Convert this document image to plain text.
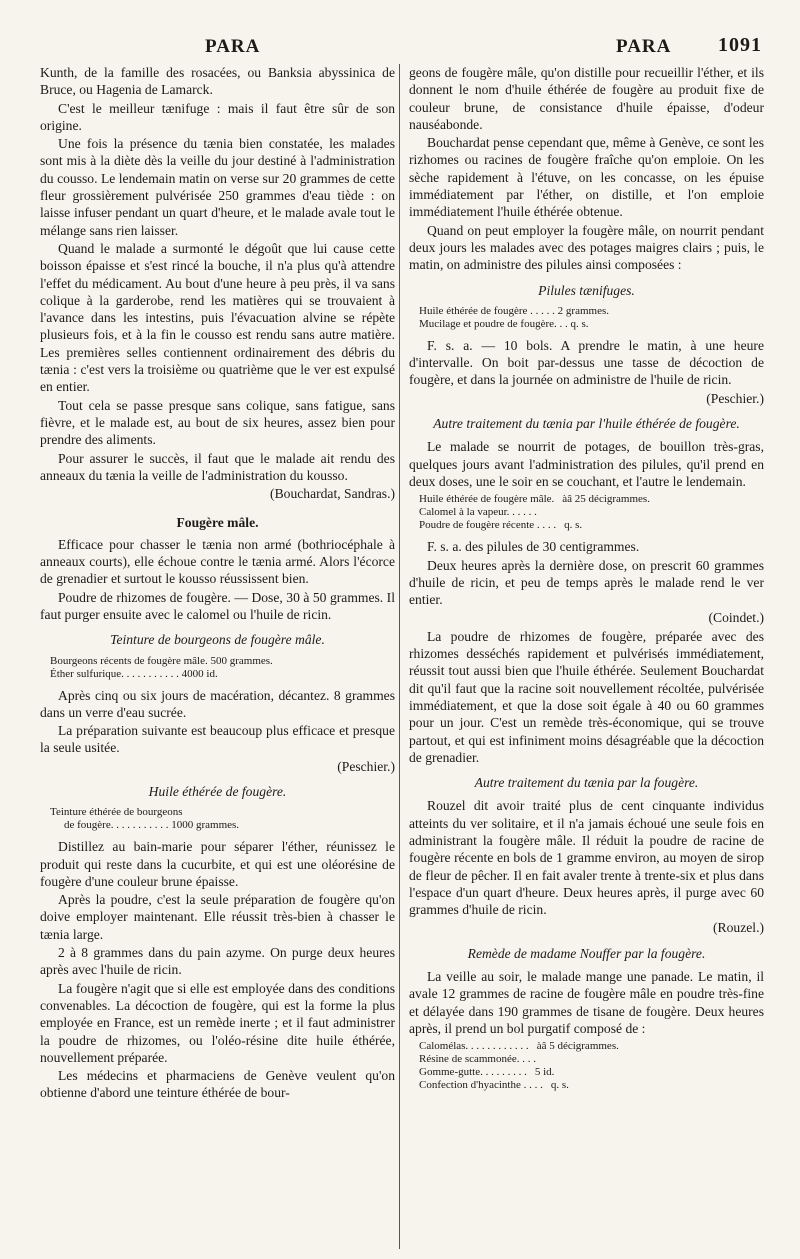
PARA	PARA 1091

Kunth, de la famille des rosacées, ou Banksia abyssinica de Bruce, ou Hagenia de Lamarck.

C'est le meilleur tænifuge : mais il faut être sûr de son origine.

Une fois la présence du tænia bien constatée, les malades sont mis à la diète dès la veille du jour destiné à l'administration du cousso. Le lendemain matin on verse sur 20 grammes de cette fleur grossièrement pulvérisée 250 grammes d'eau tiède : on laisse infuser pendant un quart d'heure, et le malade avale tout le mélange sans rien laisser.

Quand le malade a surmonté le dégoût que lui cause cette boisson épaisse et s'est rincé la bouche, il n'a plus qu'à attendre l'effet du médicament. Au bout d'une heure à peu près, il va sans colique à la garderobe, rend les matières qui se trouvaient à l'avance dans les intestins, puis l'évacuation alvine se répète plusieurs fois, et à la fin le cousso est rendu sans autre matière. Les premières selles contiennent ordinairement des débris du tænia : c'est vers la troisième ou quatrième que le ver est expulsé en entier.

Tout cela se passe presque sans colique, sans fatigue, sans fièvre, et le malade est, au bout de six heures, assez bien pour prendre des aliments.

Pour assurer le succès, il faut que le malade ait rendu des anneaux du tænia la veille de l'administration du kousso.

(Bouchardat, Sandras.)

Fougère mâle.

Efficace pour chasser le tænia non armé (bothriocéphale à anneaux courts), elle échoue contre le tænia armé. Alors l'écorce de grenadier et surtout le kousso réussissent bien.

Poudre de rhizomes de fougère. — Dose, 30 à 50 grammes. Il faut purger ensuite avec le calomel ou l'huile de ricin.

Teinture de bourgeons de fougère mâle.
Bourgeons récents de fougère mâle. 500 grammes.
Éther sulfurique. . . . . . . . . . . 4000 id.

Après cinq ou six jours de macération, décantez. 8 grammes dans un verre d'eau sucrée.

La préparation suivante est beaucoup plus efficace et presque la seule usitée.

(Peschier.)

Huile éthérée de fougère.
Teinture éthérée de bourgeons
de fougère. . . . . . . . . . . 1000 grammes.

Distillez au bain-marie pour séparer l'éther, réunissez le produit qui reste dans la cucurbite, et qui est une oléorésine de fougère d'une couleur brune épaisse.

Après la poudre, c'est la seule préparation de fougère qu'on doive employer maintenant. Elle réussit très-bien à chasser le tænia large.

2 à 8 grammes dans du pain azyme. On purge deux heures après avec l'huile de ricin.

La fougère n'agit que si elle est employée dans des conditions convenables. La décoction de fougère, qui est la forme la plus employée en France, est un remède inerte ; et il faut administrer la poudre de rhizomes, ou l'oléo-résine dite huile éthérée, nouvellement préparée.

Les médecins et pharmaciens de Genève veulent qu'on obtienne d'abord une teinture éthérée de bour-

geons de fougère mâle, qu'on distille pour recueillir l'éther, et ils donnent le nom d'huile éthérée de fougère au produit fixe de couleur brune, de consistance d'huile épaisse, d'odeur nauséabonde.

Bouchardat pense cependant que, même à Genève, ce sont les rizhomes ou racines de fougère fraîche qu'on emploie. On les sèche rapidement à l'étuve, on les concasse, on les épuise immédiatement par l'éther, on distille, et l'on emploie immédiatement l'huile éthérée obtenue.

Quand on peut employer la fougère mâle, on nourrit pendant deux jours les malades avec des potages maigres clairs ; puis, le matin, on administre des pilules ainsi composées :

Pilules tænifuges.
Huile éthérée de fougère . . . . . 2 grammes.
Mucilage et poudre de fougère. . . q. s.

F. s. a. — 10 bols. A prendre le matin, à une heure d'intervalle. On boit par-dessus une tasse de décoction de fougère, et dans la journée on administre de l'huile de ricin.

(Peschier.)

Autre traitement du tænia par l'huile éthérée de fougère.

Le malade se nourrit de potages, de bouillon très-gras, quelques jours avant l'administration des pilules, qu'il prend en deux doses, une le soir en se couchant, et l'autre le lendemain.

Huile éthérée de fougère mâle. àâ 25 décigrammes.
Calomel à la vapeur. . . . . .
Poudre de fougère récente . . . . q. s.

F. s. a. des pilules de 30 centigrammes.

Deux heures après la dernière dose, on prescrit 60 grammes d'huile de ricin, et peu de temps après le malade rend le ver entier.

(Coindet.)

La poudre de rhizomes de fougère, préparée avec des rhizomes desséchés rapidement et pulvérisés immédiatement, réussit tout aussi bien que l'huile éthérée. Seulement Bouchardat dit qu'il faut que la racine soit nouvellement récoltée, pulvérisée immédiatement, et que la dose soit égale à 40 ou 60 grammes pour un jour. C'est un remède très-économique, qui se trouve partout, et qui est infiniment moins désagréable que la décoction de grenadier.

Autre traitement du tænia par la fougère.

Rouzel dit avoir traité plus de cent cinquante individus atteints du ver solitaire, et il n'a jamais échoué une seule fois en administrant la fougère mâle. Il réduit la poudre de racine de fougère récente en bols de 1 gramme environ, au moyen de sirop de fleur de pêcher. Il en fait avaler trente à trente-six et plus dans l'espace d'un quart d'heure. Deux heures après, il purge avec 60 grammes d'huile de ricin.

(Rouzel.)

Remède de madame Nouffer par la fougère.

La veille au soir, le malade mange une panade. Le matin, il avale 12 grammes de racine de fougère mâle en poudre très-fine et délayée dans 190 grammes de tisane de fougère. Deux heures après, il prend un bol purgatif composé de :

Calomélas. . . . . . . . . . . . àâ 5 décigrammes.
Résine de scammonée. . . .
Gomme-gutte. . . . . . . . . 5 id.
Confection d'hyacinthe . . . . q. s.
